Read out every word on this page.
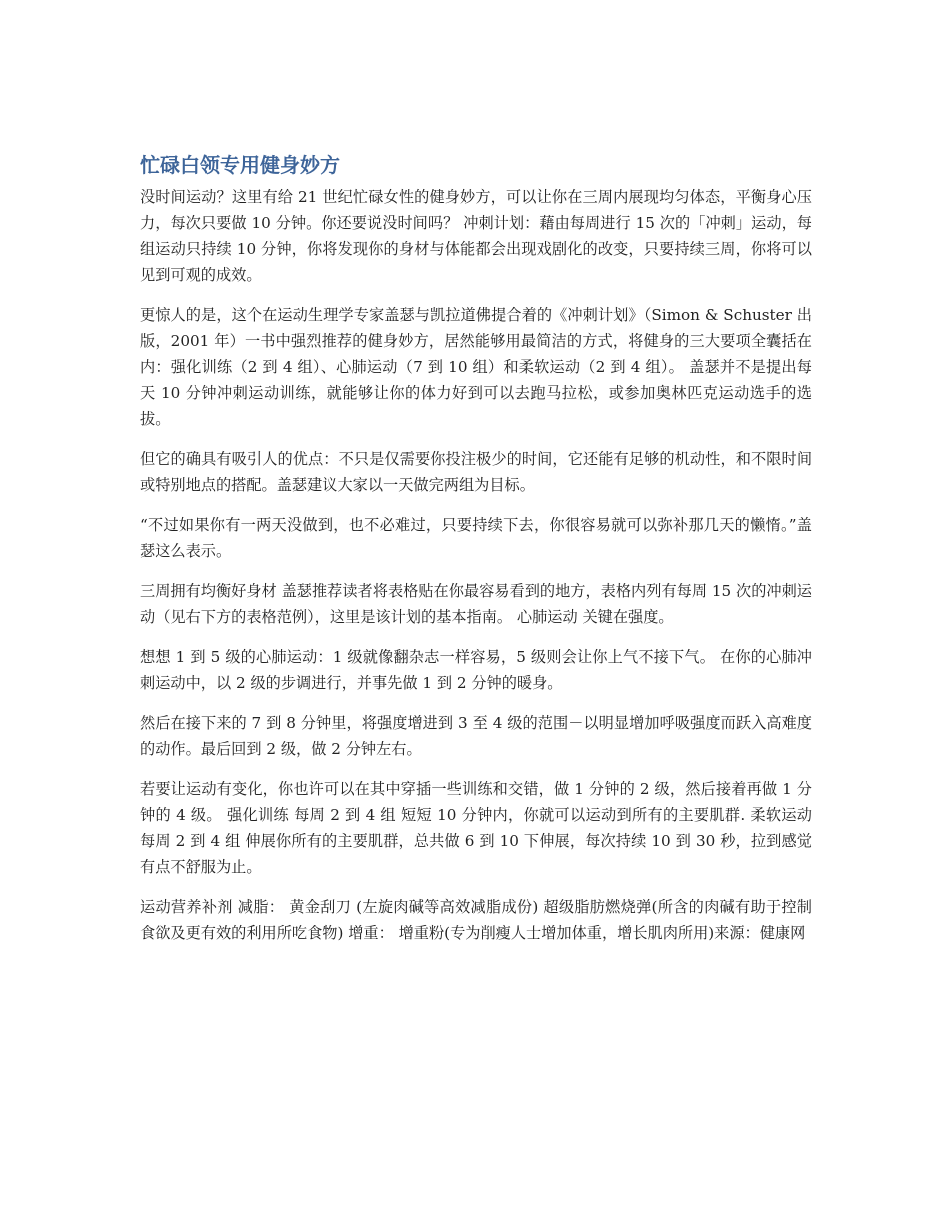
忙碌白领专用健身妙方

没时间运动？这里有给 21 世纪忙碌女性的健身妙方，可以让你在三周内展现均匀体态，平衡身心压力，每次只要做 10 分钟。你还要说没时间吗？ 冲刺计划：藉由每周进行 15 次的「冲刺」运动，每组运动只持续 10 分钟，你将发现你的身材与体能都会出现戏剧化的改变，只要持续三周，你将可以见到可观的成效。

更惊人的是，这个在运动生理学专家盖瑟与凯拉道佛提合着的《冲刺计划》（Simon & Schuster 出版，2001 年）一书中强烈推荐的健身妙方，居然能够用最简洁的方式，将健身的三大要项全囊括在内：强化训练（2 到 4 组）、心肺运动（7 到 10 组）和柔软运动（2 到 4 组）。 盖瑟并不是提出每天 10 分钟冲刺运动训练，就能够让你的体力好到可以去跑马拉松，或参加奥林匹克运动选手的选拔。

但它的确具有吸引人的优点：不只是仅需要你投注极少的时间，它还能有足够的机动性，和不限时间或特别地点的搭配。盖瑟建议大家以一天做完两组为目标。

“不过如果你有一两天没做到，也不必难过，只要持续下去，你很容易就可以弥补那几天的懒惰。”盖瑟这么表示。

三周拥有均衡好身材 盖瑟推荐读者将表格贴在你最容易看到的地方，表格内列有每周 15 次的冲刺运动（见右下方的表格范例），这里是该计划的基本指南。 心肺运动 关键在强度。

想想 1 到 5 级的心肺运动：1 级就像翻杂志一样容易，5 级则会让你上气不接下气。 在你的心肺冲刺运动中，以 2 级的步调进行，并事先做 1 到 2 分钟的暖身。

然后在接下来的 7 到 8 分钟里，将强度增进到 3 至 4 级的范围－以明显增加呼吸强度而跃入高难度的动作。最后回到 2 级，做 2 分钟左右。

若要让运动有变化，你也许可以在其中穿插一些训练和交错，做 1 分钟的 2 级，然后接着再做 1 分钟的 4 级。 强化训练 每周 2 到 4 组 短短 10 分钟内，你就可以运动到所有的主要肌群. 柔软运动 每周 2 到 4 组 伸展你所有的主要肌群，总共做 6 到 10 下伸展，每次持续 10 到 30 秒，拉到感觉有点不舒服为止。

运动营养补剂 减脂： 黄金刮刀 (左旋肉碱等高效减脂成份) 超级脂肪燃烧弹(所含的肉碱有助于控制食欲及更有效的利用所吃食物) 增重： 增重粉(专为削瘦人士增加体重，增长肌肉所用)来源：健康网
